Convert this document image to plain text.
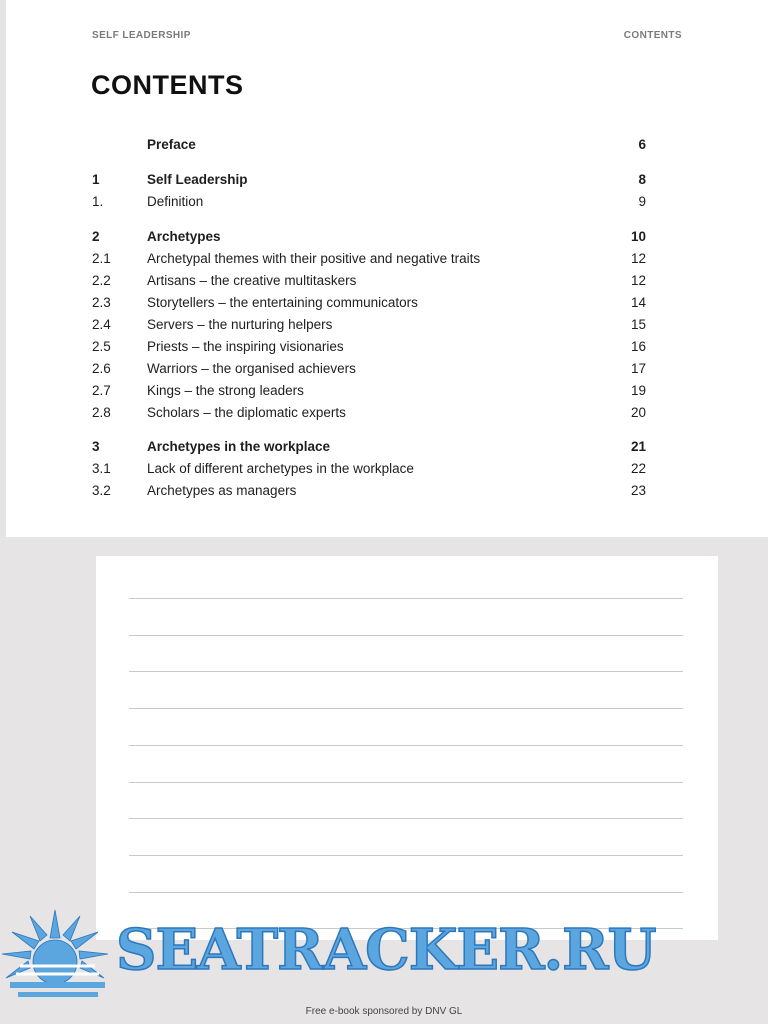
SELF LEADERSHIP	CONTENTS
CONTENTS
Preface	6
1	Self Leadership	8
1.	Definition	9
2	Archetypes	10
2.1	Archetypal themes with their positive and negative traits	12
2.2	Artisans – the creative multitaskers	12
2.3	Storytellers – the entertaining communicators	14
2.4	Servers – the nurturing helpers	15
2.5	Priests – the inspiring visionaries	16
2.6	Warriors – the organised achievers	17
2.7	Kings – the strong leaders	19
2.8	Scholars – the diplomatic experts	20
3	Archetypes in the workplace	21
3.1	Lack of different archetypes in the workplace	22
3.2	Archetypes as managers	23
SEATRACKER.RU
Free e-book sponsored by DNV GL
